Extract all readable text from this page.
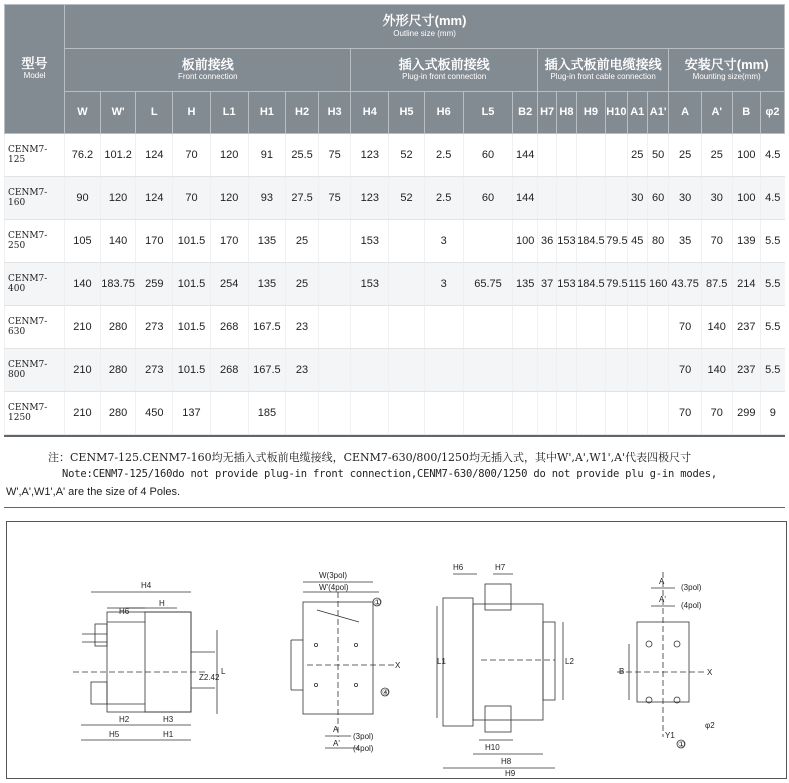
型号
Model	外形尺寸(mm)
Outline size (mm)																						

	板前接线
Front connection								插入式板前接线
Plug-in front connection					插入式板前电缆接线
Plug-in front cable connection						安装尺寸(mm)
Mounting size(mm)			

	W	W'	L	H	L1	H1	H2	H3	H4	H5	H6	L5	B2	H7	H8	H9	H10	A1	A1'	A	A'	B	φ2
CENM7-125	76.2	101.2	124	70	120	91	25.5	75	123	52	2.5	60	144					25	50	25	25	100	4.5
CENM7-160	90	120	124	70	120	93	27.5	75	123	52	2.5	60	144					30	60	30	30	100	4.5
CENM7-250	105	140	170	101.5	170	135	25		153		3		100	36	153	184.5	79.5	45	80	35	70	139	5.5
CENM7-400	140	183.75	259	101.5	254	135	25		153		3	65.75	135	37	153	184.5	79.5	115	160	43.75	87.5	214	5.5
CENM7-630	210	280	273	101.5	268	167.5	23													70	140	237	5.5
CENM7-800	210	280	273	101.5	268	167.5	23													70	140	237	5.5
CENM7-1250	210	280	450	137		185														70	70	299	9
注：CENM7-125.CENM7-160均无插入式板前电缆接线，CENM7-630/800/1250均无插入式，其中W',A',W1',A'代表四极尺寸
Note:CENM7-125/160do not provide plug-in front connection,CENM7-630/800/1250 do not provide plu g-in modes,
W',A',W1',A' are the size of 4 Poles.
H4
H6
H
L
Z2.42
H2	H3
H5	H1
W(3pol)
W'(4pol)
①
④
X
A
A'
(3pol)
(4pol)
H6	H7
L1	L2
H10
H8
H9
A
A'
(3pol)
(4pol)
B	X
Y1
φ2
①
